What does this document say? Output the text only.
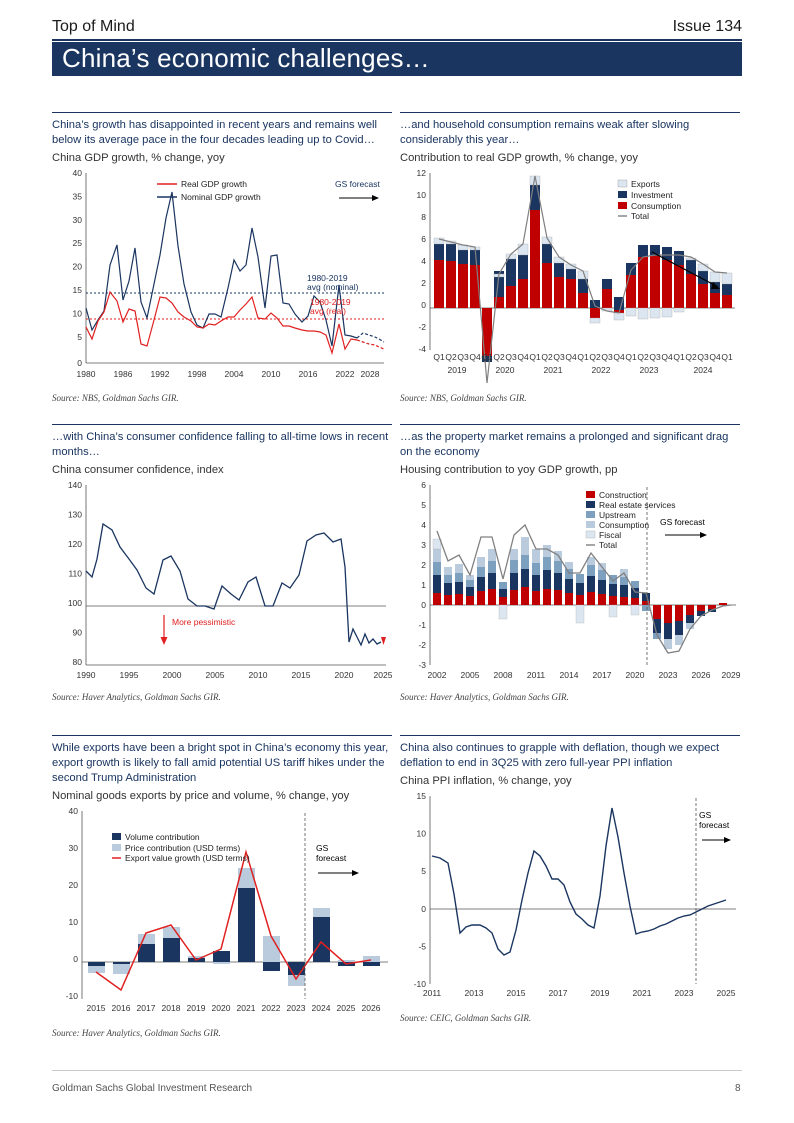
Top of Mind	Issue 134
China’s economic challenges…
China’s growth has disappointed in recent years and remains well below its average pace in the four decades leading up to Covid…
China GDP growth, % change, yoy
40
35
30
25
20
15
10
5
0
1980 1986 1992 1998 2004 2010 2016 2022 2028
Real GDP growth
Nominal GDP growth
GS forecast
1980-2019
avg (nominal)
1980-2019
avg (real)
Source: NBS, Goldman Sachs GIR.
…and household consumption remains weak after slowing considerably this year…
Contribution to real GDP growth, % change, yoy
12
10
8
6
4
2
0
-2
-4
Exports
Investment
Consumption
Total
Q1 Q2 Q3 Q4 Q1 Q2 Q3 Q4 Q1 Q2 Q3 Q4 Q1 Q2 Q3 Q4 Q1 Q2 Q3 Q4 Q1 Q2 Q3 Q4 Q1
2019	2020	2021	2022	2023	2024
Source: NBS, Goldman Sachs GIR.
…with China’s consumer confidence falling to all-time lows in recent months…
China consumer confidence, index
140
130
120
110
100
90
80
1990	1995	2000	2005	2010	2015	2020 2025
More pessimistic
Source: Haver Analytics, Goldman Sachs GIR.
…as the property market remains a prolonged and significant drag on the economy
Housing contribution to yoy GDP growth, pp
6
5
4
3
2
1
0
-1
-2
-3
GS forecast
Construction
Real estate services
Upstream
Consumption
Fiscal
Total
2002 2005 2008 2011 2014 2017 2020 2023 2026 2029
Source: Haver Analytics, Goldman Sachs GIR.
While exports have been a bright spot in China’s economy this year, export growth is likely to fall amid potential US tariff hikes under the second Trump Administration
Nominal goods exports by price and volume, % change, yoy
40
30
20
10
0
-10
GS
forecast
Volume contribution
Price contribution (USD terms)
Export value growth (USD terms)
2015 2016 2017 2018 2019 2020 2021 2022 2023 2024 2025 2026
Source: Haver Analytics, Goldman Sachs GIR.
China also continues to grapple with deflation, though we expect deflation to end in 3Q25 with zero full-year PPI inflation
China PPI inflation, % change, yoy
15
10
5
0
-5
-10
GS
forecast
2011	2013	2015	2017	2019	2021	2023	2025
Source: CEIC, Goldman Sachs GIR.
Goldman Sachs Global Investment Research	8
